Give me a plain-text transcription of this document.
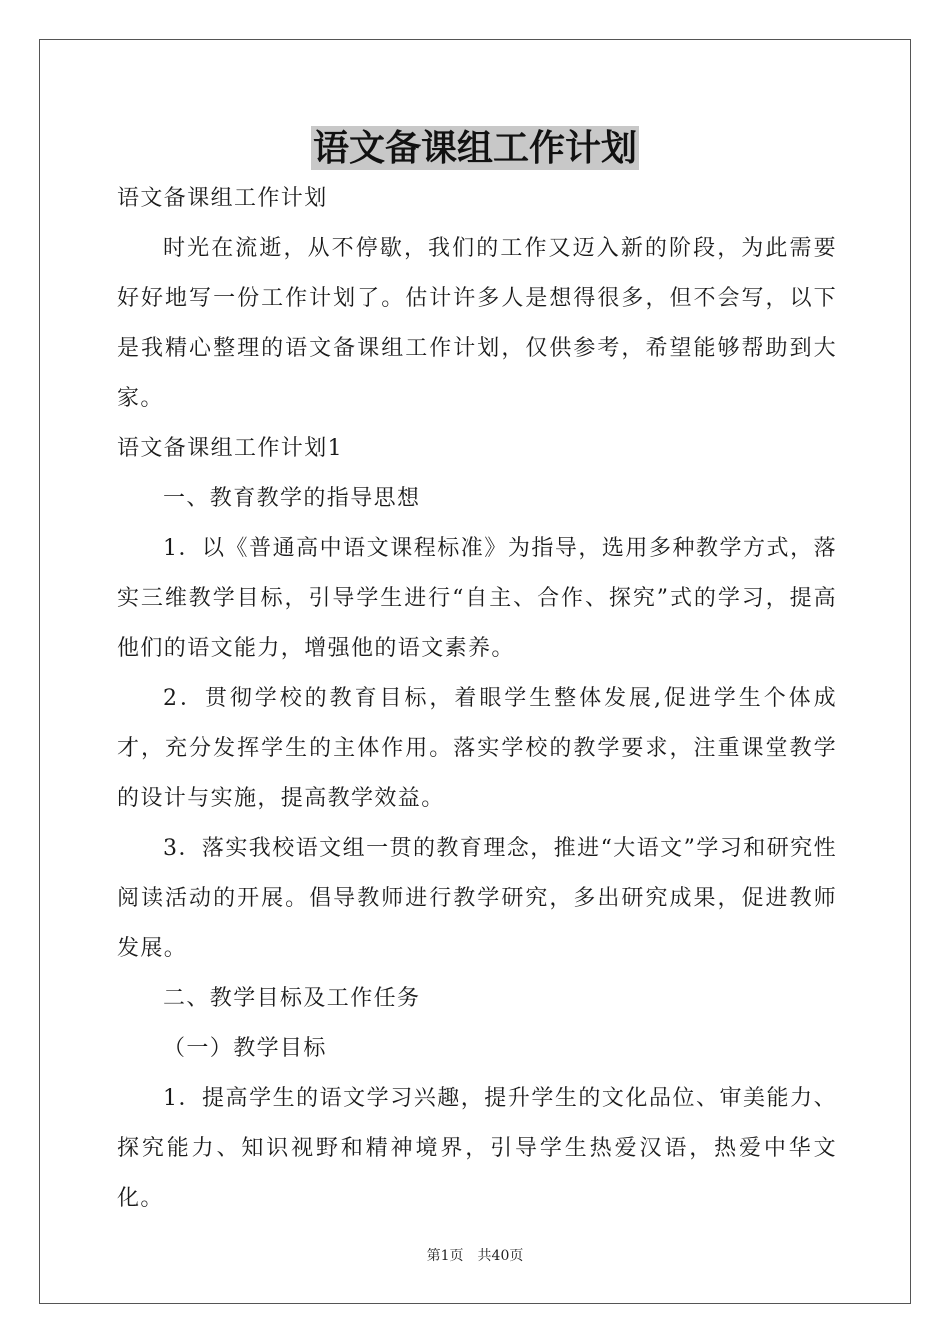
语文备课组工作计划

语文备课组工作计划

时光在流逝，从不停歇，我们的工作又迈入新的阶段，为此需要好好地写一份工作计划了。估计许多人是想得很多，但不会写，以下是我精心整理的语文备课组工作计划，仅供参考，希望能够帮助到大家。

语文备课组工作计划1

一、教育教学的指导思想

1．以《普通高中语文课程标准》为指导，选用多种教学方式，落实三维教学目标，引导学生进行“自主、合作、探究”式的学习，提高他们的语文能力，增强他的语文素养。

2．贯彻学校的教育目标，着眼学生整体发展,促进学生个体成才，充分发挥学生的主体作用。落实学校的教学要求，注重课堂教学的设计与实施，提高教学效益。

3．落实我校语文组一贯的教育理念，推进“大语文”学习和研究性阅读活动的开展。倡导教师进行教学研究，多出研究成果，促进教师发展。

二、教学目标及工作任务

（一）教学目标

1．提高学生的语文学习兴趣，提升学生的文化品位、审美能力、探究能力、知识视野和精神境界，引导学生热爱汉语，热爱中华文化。

第1页 共40页
